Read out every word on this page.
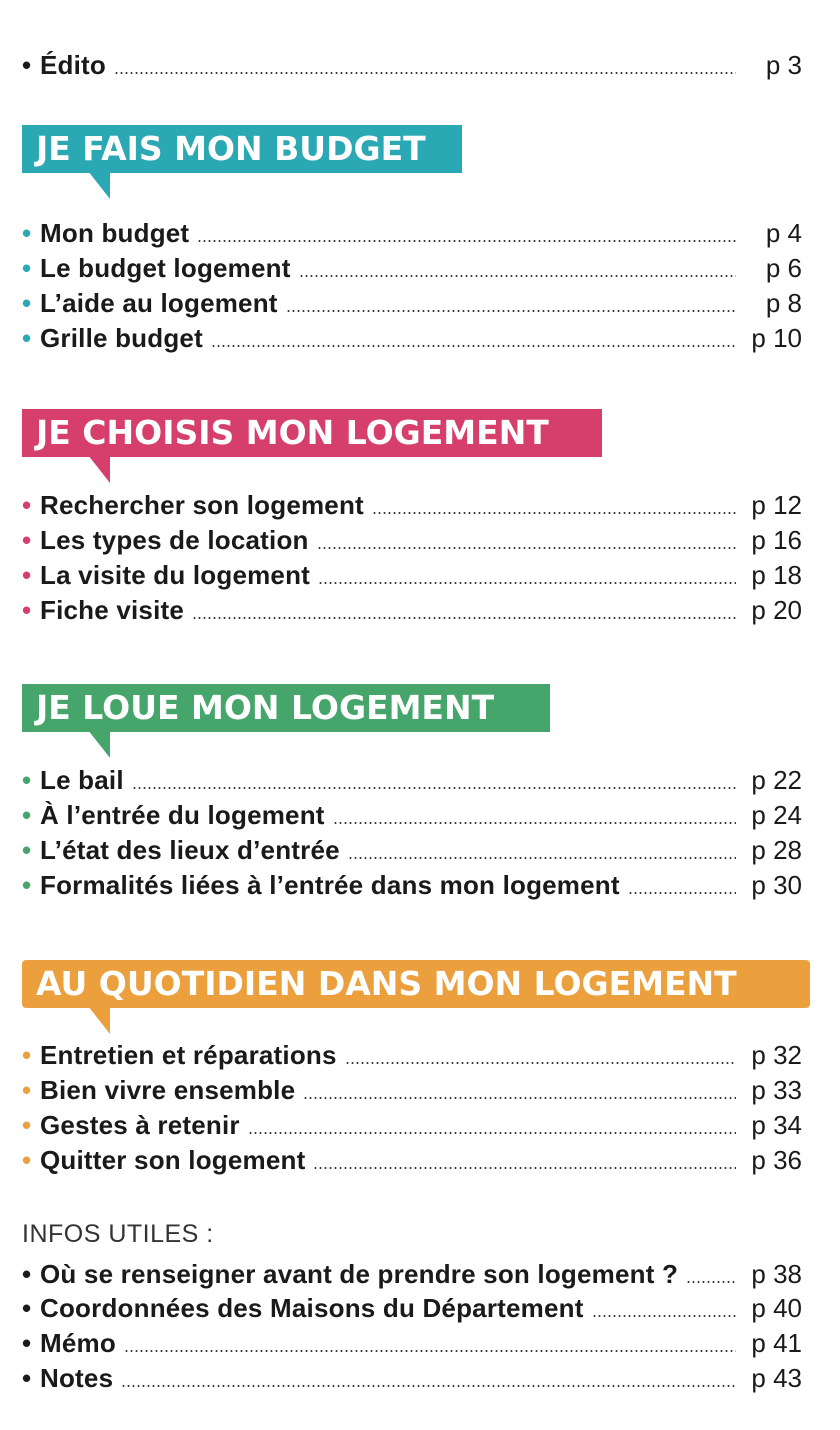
• Édito	p 3
JE FAIS MON BUDGET
• Mon budget	p 4
• Le budget logement	p 6
• L’aide au logement	p 8
• Grille budget	p 10
JE CHOISIS MON LOGEMENT
• Rechercher son logement	p 12
• Les types de location	p 16
• La visite du logement	p 18
• Fiche visite	p 20
JE LOUE MON LOGEMENT
• Le bail	p 22
• À l’entrée du logement	p 24
• L’état des lieux d’entrée	p 28
• Formalités liées à l’entrée dans mon logement	p 30
AU QUOTIDIEN DANS MON LOGEMENT
• Entretien et réparations	p 32
• Bien vivre ensemble	p 33
• Gestes à retenir	p 34
• Quitter son logement	p 36
INFOS UTILES :
• Où se renseigner avant de prendre son logement ?	p 38
• Coordonnées des Maisons du Département	p 40
• Mémo	p 41
• Notes	p 43
